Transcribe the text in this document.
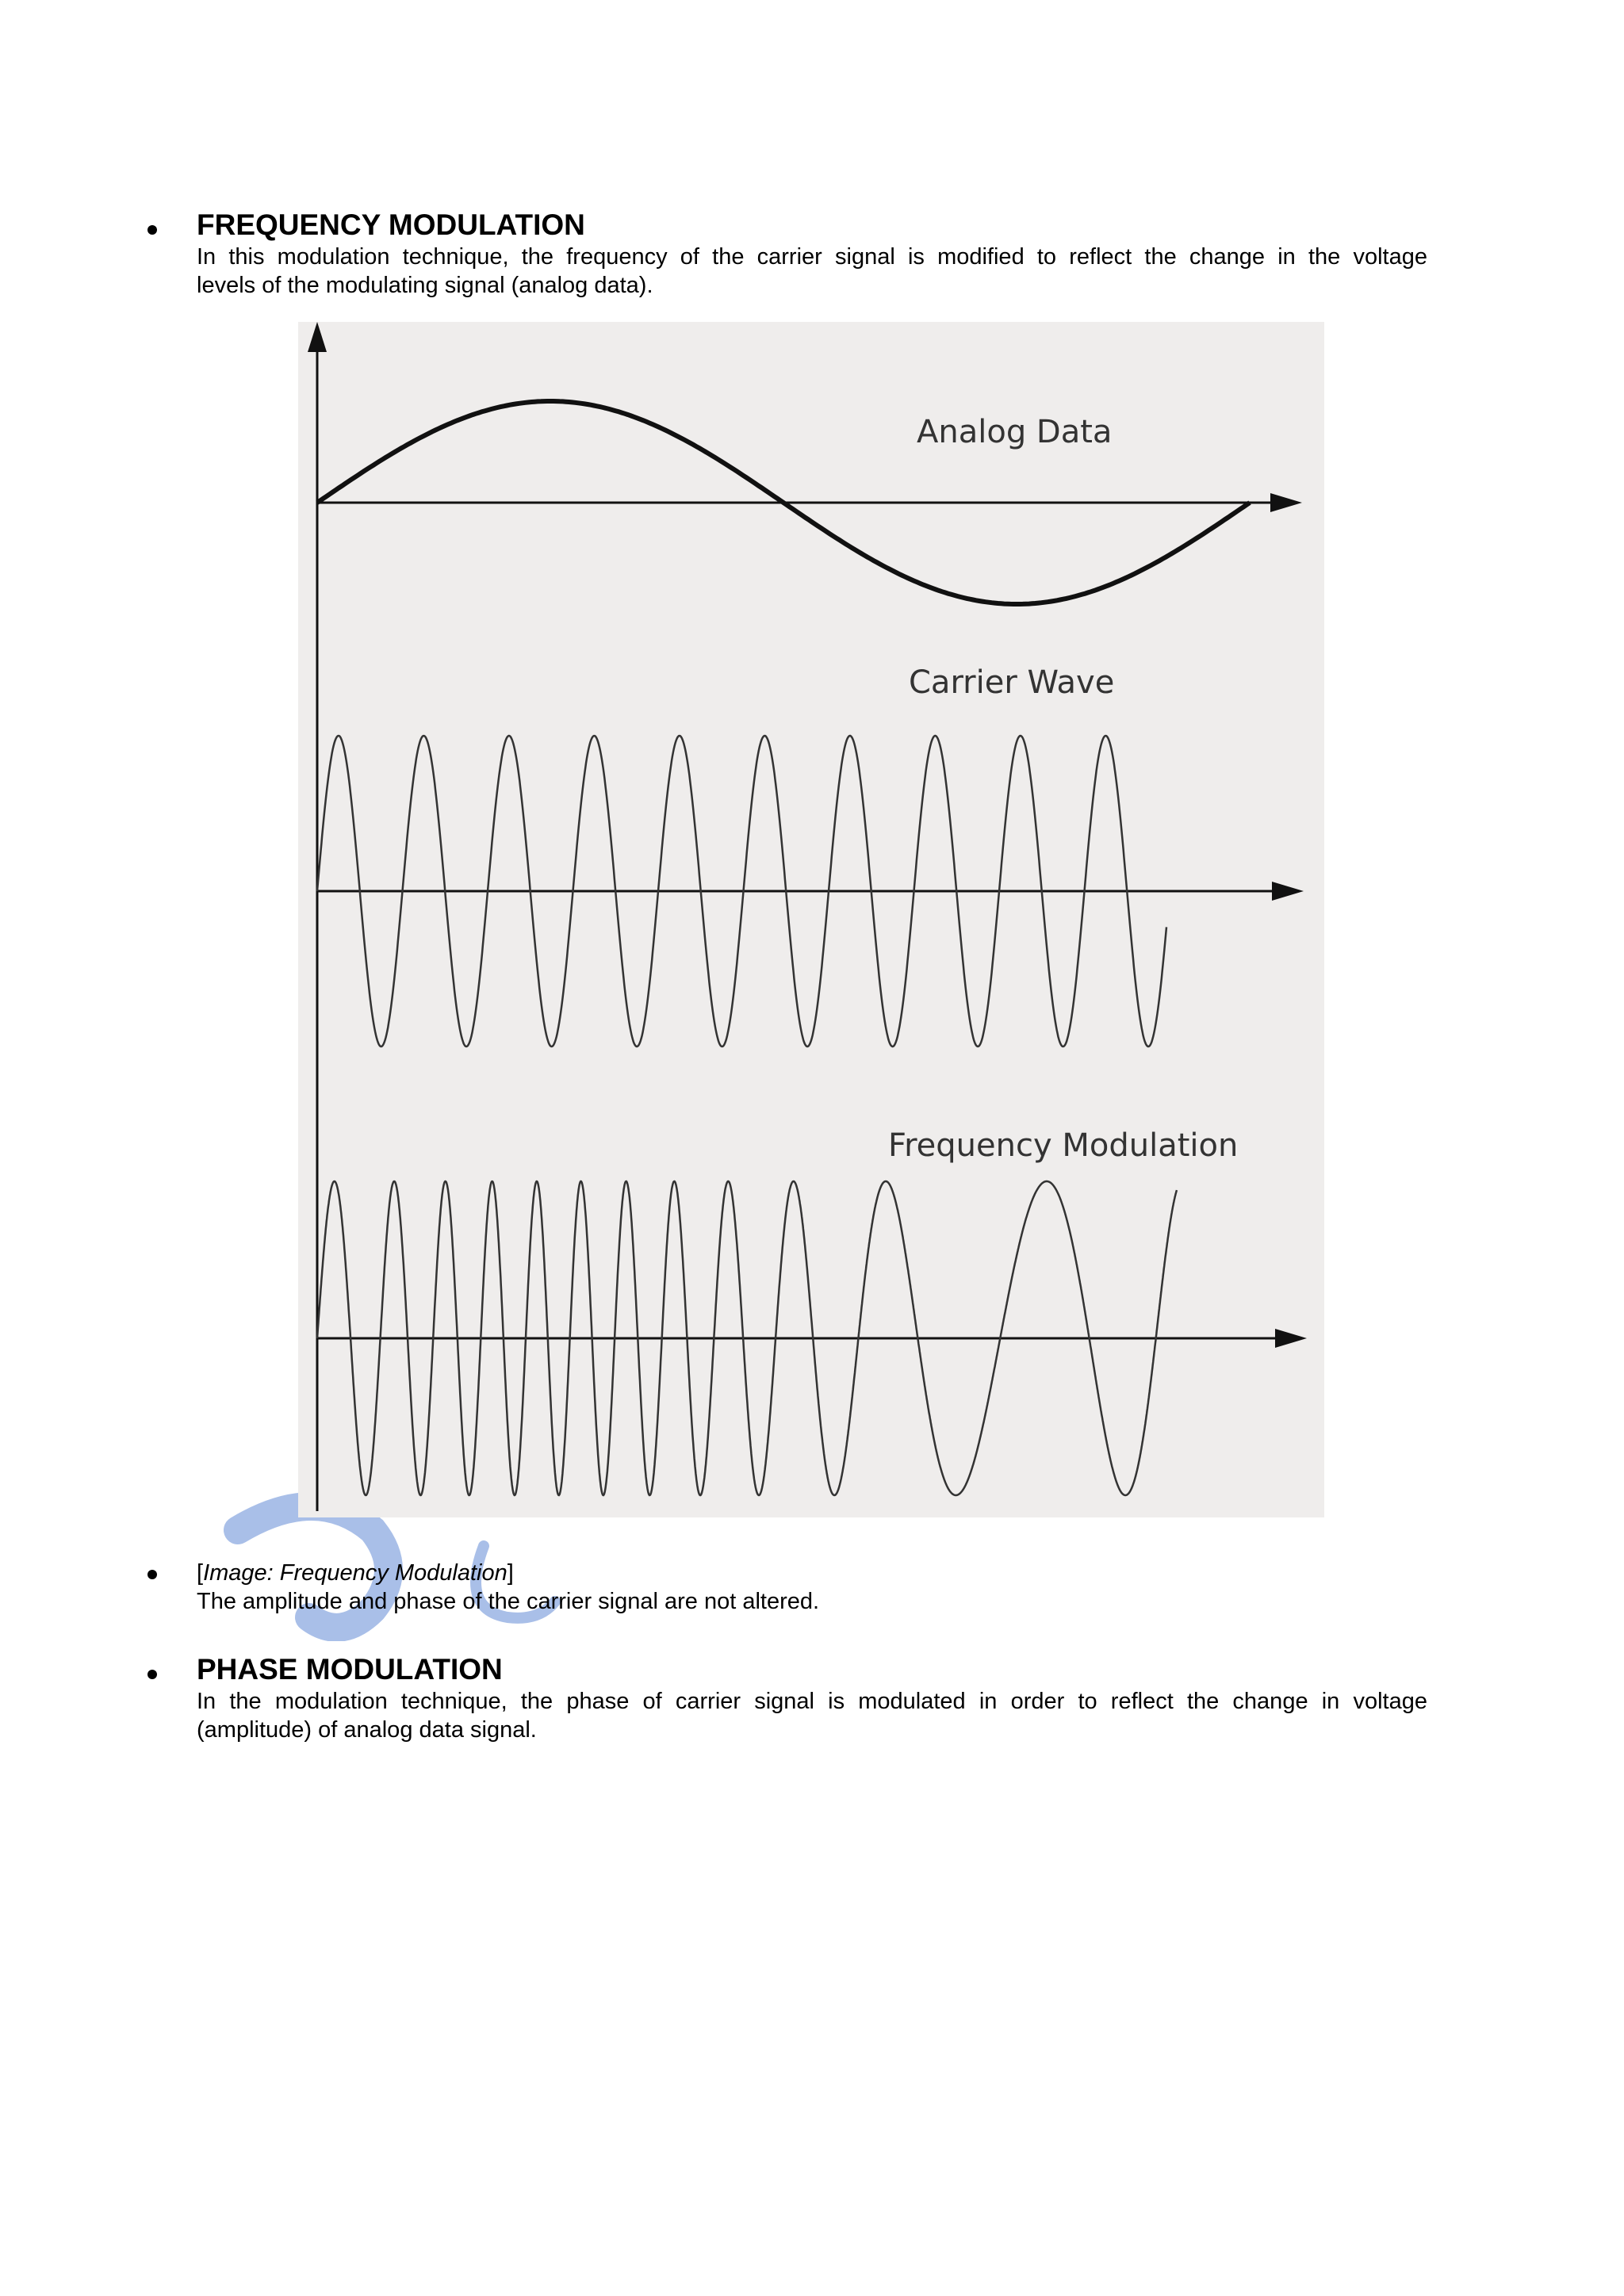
FREQUENCY MODULATION

In this modulation technique, the frequency of the carrier signal is modified to reflect the change in the voltage

levels of the modulating signal (analog data).

Analog Data
Carrier Wave
Frequency Modulation

[Image: Frequency Modulation]

The amplitude and phase of the carrier signal are not altered.

PHASE MODULATION

In the modulation technique, the phase of carrier signal is modulated in order to reflect the change in voltage

(amplitude) of analog data signal.
